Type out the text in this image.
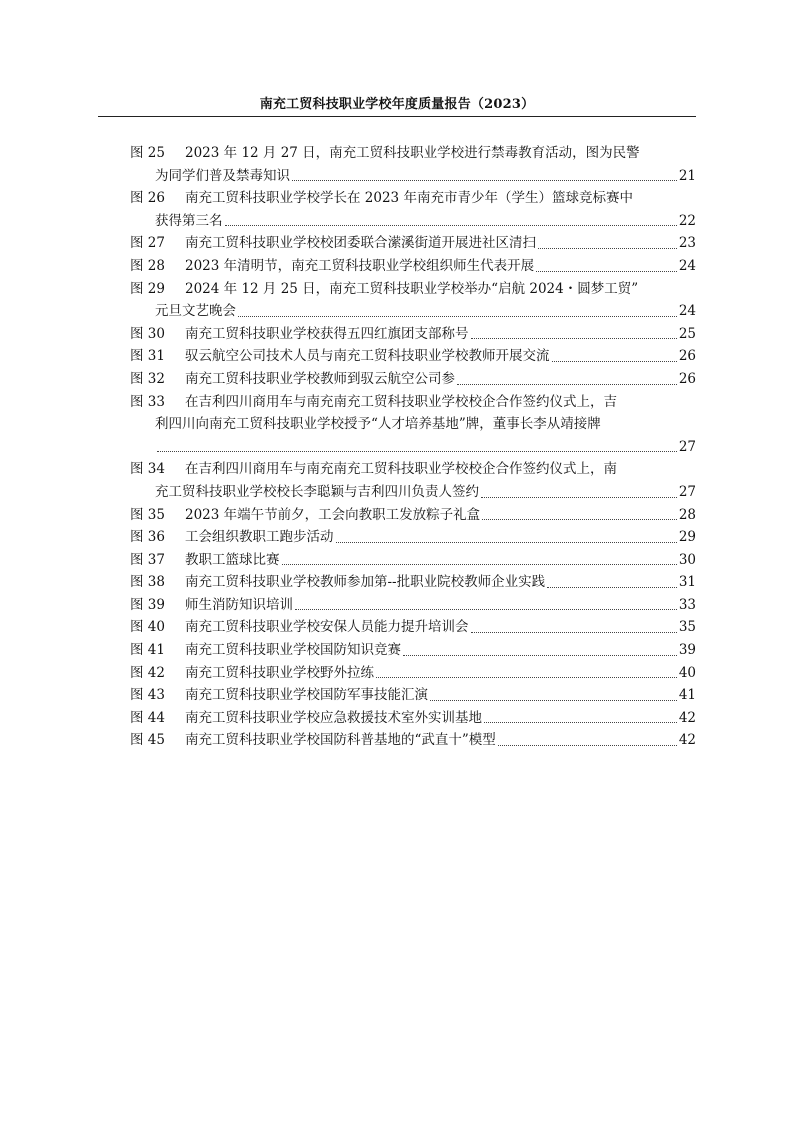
南充工贸科技职业学校年度质量报告（2023）
图 25	2023 年 12 月 27 日，南充工贸科技职业学校进行禁毒教育活动，图为民警
为同学们普及禁毒知识	21
图 26	南充工贸科技职业学校学长在 2023 年南充市青少年（学生）篮球竞标赛中
获得第三名	22
图 27	南充工贸科技职业学校校团委联合潆溪街道开展进社区清扫	23
图 28	2023 年清明节，南充工贸科技职业学校组织师生代表开展	24
图 29	2024 年 12 月 25 日，南充工贸科技职业学校举办“启航 2024・圆梦工贸”
元旦文艺晚会	24
图 30	南充工贸科技职业学校获得五四红旗团支部称号	25
图 31	驭云航空公司技术人员与南充工贸科技职业学校教师开展交流	26
图 32	南充工贸科技职业学校教师到驭云航空公司参	26
图 33	在吉利四川商用车与南充南充工贸科技职业学校校企合作签约仪式上，吉
利四川向南充工贸科技职业学校授予“人才培养基地”牌，董事长李从靖接牌
27
图 34	在吉利四川商用车与南充南充工贸科技职业学校校企合作签约仪式上，南
充工贸科技职业学校校长李聪颖与吉利四川负责人签约	27
图 35	2023 年端午节前夕，工会向教职工发放粽子礼盒	28
图 36	工会组织教职工跑步活动	29
图 37	教职工篮球比赛	30
图 38	南充工贸科技职业学校教师参加第--批职业院校教师企业实践	31
图 39	师生消防知识培训	33
图 40	南充工贸科技职业学校安保人员能力提升培训会	35
图 41	南充工贸科技职业学校国防知识竞赛	39
图 42	南充工贸科技职业学校野外拉练	40
图 43	南充工贸科技职业学校国防军事技能汇演	41
图 44	南充工贸科技职业学校应急救援技术室外实训基地	42
图 45	南充工贸科技职业学校国防科普基地的“武直十”模型	42
